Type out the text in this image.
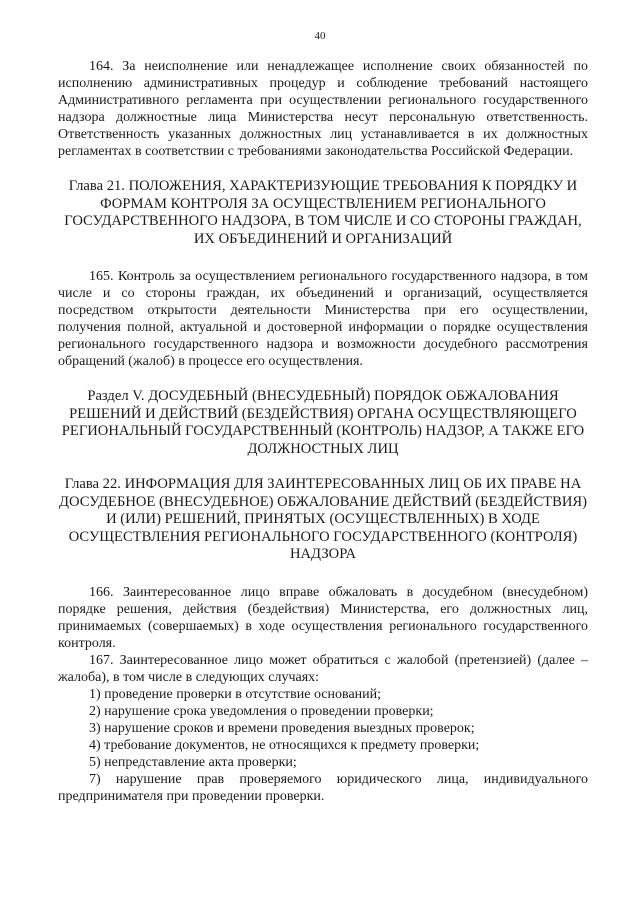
40

164. За неисполнение или ненадлежащее исполнение своих обязанностей по исполнению административных процедур и соблюдение требований настоящего Административного регламента при осуществлении регионального государственного надзора должностные лица Министерства несут персональную ответственность. Ответственность указанных должностных лиц устанавливается в их должностных регламентах в соответствии с требованиями законодательства Российской Федерации.

Глава 21. ПОЛОЖЕНИЯ, ХАРАКТЕРИЗУЮЩИЕ ТРЕБОВАНИЯ К ПОРЯДКУ И ФОРМАМ КОНТРОЛЯ ЗА ОСУЩЕСТВЛЕНИЕМ РЕГИОНАЛЬНОГО ГОСУДАРСТВЕННОГО НАДЗОРА, В ТОМ ЧИСЛЕ И СО СТОРОНЫ ГРАЖДАН, ИХ ОБЪЕДИНЕНИЙ И ОРГАНИЗАЦИЙ

165. Контроль за осуществлением регионального государственного надзора, в том числе и со стороны граждан, их объединений и организаций, осуществляется посредством открытости деятельности Министерства при его осуществлении, получения полной, актуальной и достоверной информации о порядке осуществления регионального государственного надзора и возможности досудебного рассмотрения обращений (жалоб) в процессе его осуществления.

Раздел V. ДОСУДЕБНЫЙ (ВНЕСУДЕБНЫЙ) ПОРЯДОК ОБЖАЛОВАНИЯ РЕШЕНИЙ И ДЕЙСТВИЙ (БЕЗДЕЙСТВИЯ) ОРГАНА ОСУЩЕСТВЛЯЮЩЕГО РЕГИОНАЛЬНЫЙ ГОСУДАРСТВЕННЫЙ (КОНТРОЛЬ) НАДЗОР, А ТАКЖЕ ЕГО ДОЛЖНОСТНЫХ ЛИЦ

Глава 22. ИНФОРМАЦИЯ ДЛЯ ЗАИНТЕРЕСОВАННЫХ ЛИЦ ОБ ИХ ПРАВЕ НА ДОСУДЕБНОЕ (ВНЕСУДЕБНОЕ) ОБЖАЛОВАНИЕ ДЕЙСТВИЙ (БЕЗДЕЙСТВИЯ) И (ИЛИ) РЕШЕНИЙ, ПРИНЯТЫХ (ОСУЩЕСТВЛЕННЫХ) В ХОДЕ ОСУЩЕСТВЛЕНИЯ РЕГИОНАЛЬНОГО ГОСУДАРСТВЕННОГО (КОНТРОЛЯ) НАДЗОРА

166. Заинтересованное лицо вправе обжаловать в досудебном (внесудебном) порядке решения, действия (бездействия) Министерства, его должностных лиц, принимаемых (совершаемых) в ходе осуществления регионального государственного контроля.

167. Заинтересованное лицо может обратиться с жалобой (претензией) (далее – жалоба), в том числе в следующих случаях:

1) проведение проверки в отсутствие оснований;

2) нарушение срока уведомления о проведении проверки;

3) нарушение сроков и времени проведения выездных проверок;

4) требование документов, не относящихся к предмету проверки;

5) непредставление акта проверки;

7) нарушение прав проверяемого юридического лица, индивидуального предпринимателя при проведении проверки.
